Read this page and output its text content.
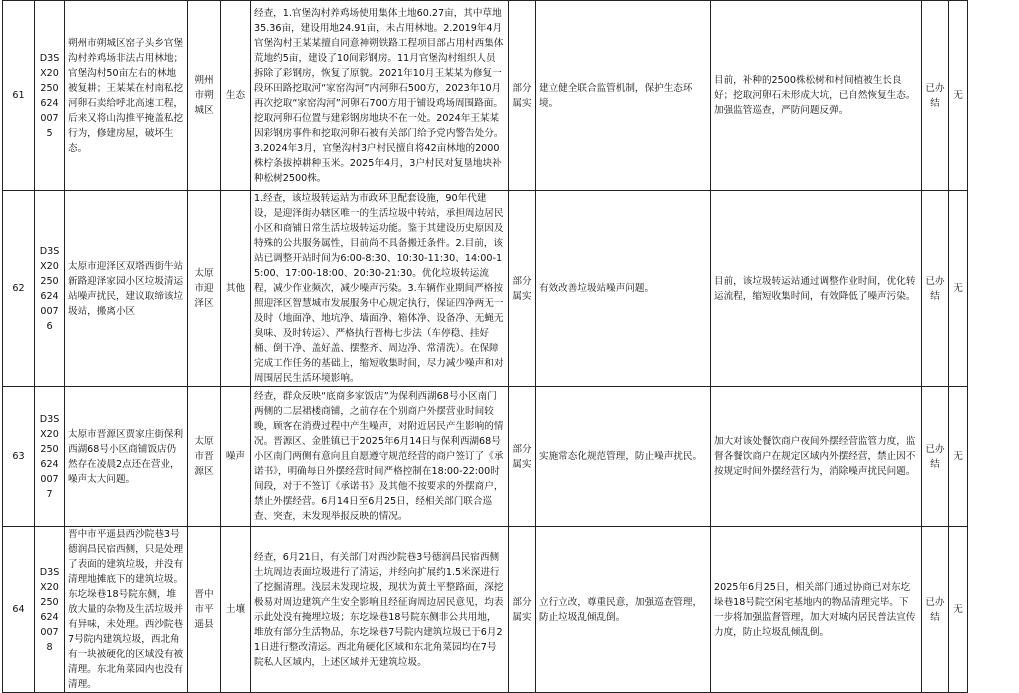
61	D3SX202506240075	朔州市朔城区窑子头乡官堡沟村养鸡场非法占用林地；官堡沟村50亩左右的林地被复耕；王某某在村南私挖河卵石卖给呼北高速工程，后来又将山沟推平掩盖私挖行为，修建房屋，破坏生态。	朔州市朔城区	生态	经查，1.官堡沟村养鸡场使用集体土地60.27亩，其中草地35.36亩，建设用地24.91亩，未占用林地。2.2019年4月官堡沟村王某某擅自同意神朔铁路工程项目部占用村西集体荒地约5亩，建设了10间彩钢房。11月官堡沟村组织人员拆除了彩钢房，恢复了原貌。2021年10月王某某为修复一段环田路挖取河“家窑沟河”内河卵石500方，2023年10月再次挖取“家窑沟河”河卵石700方用于铺设鸡场周围路面。挖取河卵石位置与建彩钢房地块不在一处。2024年王某某因彩钢房事件和挖取河卵石被有关部门给予党内警告处分。3.2024年3月，官堡沟村3户村民擅自将42亩林地的2000株柠条拔掉耕种玉米。2025年4月，3户村民对复垦地块补种松树2500株。	部分属实	建立健全联合监管机制，保护生态环境。	目前，补种的2500株松树和村间植被生长良好；挖取河卵石未形成大坑，已自然恢复生态。加强监管巡查，严防问题反弹。	已办结	无
62	D3SX202506240076	太原市迎泽区双塔西街牛站新路迎泽家园小区垃圾清运站噪声扰民，建议取缔该垃圾站，搬离小区	太原市迎泽区	其他	1.经查，该垃圾转运站为市政环卫配套设施，90年代建设，是迎泽街办辖区唯一的生活垃圾中转站，承担周边居民小区和商铺日常生活垃圾转运功能。鉴于其建设历史原因及特殊的公共服务属性，目前尚不具备搬迁条件。2.目前，该站已调整开站时间为6:00-8:30、10:30-11:30、14:00-15:00、17:00-18:00、20:30-21:30。优化垃圾转运流程，减少作业频次，减少噪声污染。3.车辆作业期间严格按照迎泽区智慧城市发展服务中心规定执行，保证四净两无一及时（地面净、地坑净、墙面净、箱体净、设备净、无蝇无臭味、及时转运）、严格执行晋梅七步法（车停稳、挂好桶、倒干净、盖好盖、摆整齐、周边净、常清洗）。在保障完成工作任务的基础上，缩短收集时间，尽力减少噪声和对周围居民生活环境影响。	部分属实	有效改善垃圾站噪声问题。	目前，该垃圾转运站通过调整作业时间，优化转运流程，缩短收集时间，有效降低了噪声污染。	已办结	无
63	D3SX202506240077	太原市晋源区贾家庄街保利西湖68号小区商铺饭店仍然存在凌晨2点还在营业，噪声太大问题。	太原市晋源区	噪声	经查，群众反映“底商多家饭店”为保利西湖68号小区南门两侧的二层裙楼商铺，之前存在个别商户外摆营业时间较晚，顾客在消费过程中产生噪声，对附近居民产生影响的情况。晋源区、金胜镇已于2025年6月14日与保利西湖68号小区南门两侧有意向且自愿遵守规范经营的商户签订了《承诺书》，明确每日外摆经营时间严格控制在18:00-22:00时间段，对于不签订《承诺书》及其他不按要求的外摆商户，禁止外摆经营。6月14日至6月25日，经相关部门联合巡查、突查，未发现举报反映的情况。	部分属实	实施常态化规范管理，防止噪声扰民。	加大对该处餐饮商户夜间外摆经营监管力度，监督各餐饮商户在规定区域内外摆经营，禁止因不按规定时间外摆经营行为，消除噪声扰民问题。	已办结	无
64	D3SX202506240078	晋中市平遥县西沙院巷3号德润昌民宿西侧，只是处理了表面的建筑垃圾，并没有清理地摊底下的建筑垃圾。东圪垛巷18号院东侧，堆放大量的杂物及生活垃圾并有异味，未处理。西沙院巷7号院内建筑垃圾，西北角有一块被硬化的区域没有被清理。东北角菜园内也没有清理。	晋中市平遥县	土壤	经查，6月21日，有关部门对西沙院巷3号德润昌民宿西侧土坑周边表面垃圾进行了清运，并经向扩展约1.5米深进行了挖掘清理。浅层未发现垃圾，现状为黄土平整路面，深挖极易对周边建筑产生安全影响且经征询周边居民意见，均表示此处没有掩埋垃圾；东圪垛巷18号院东侧非公共用地，堆放有部分生活物品，东圪垛巷7号院内建筑垃圾已于6月21日进行整改清运。西北角硬化区域和东北角菜园均在7号院私人区域内，上述区域并无建筑垃圾。	部分属实	立行立改，尊重民意，加强巡查管理，防止垃圾乱倾乱倒。	2025年6月25日，相关部门通过协商已对东圪垛巷18号院空闲宅基地内的物品清理完毕。下一步将加强监督管理，加大对城内居民普法宣传力度，防止垃圾乱倾乱倒。	已办结	无
